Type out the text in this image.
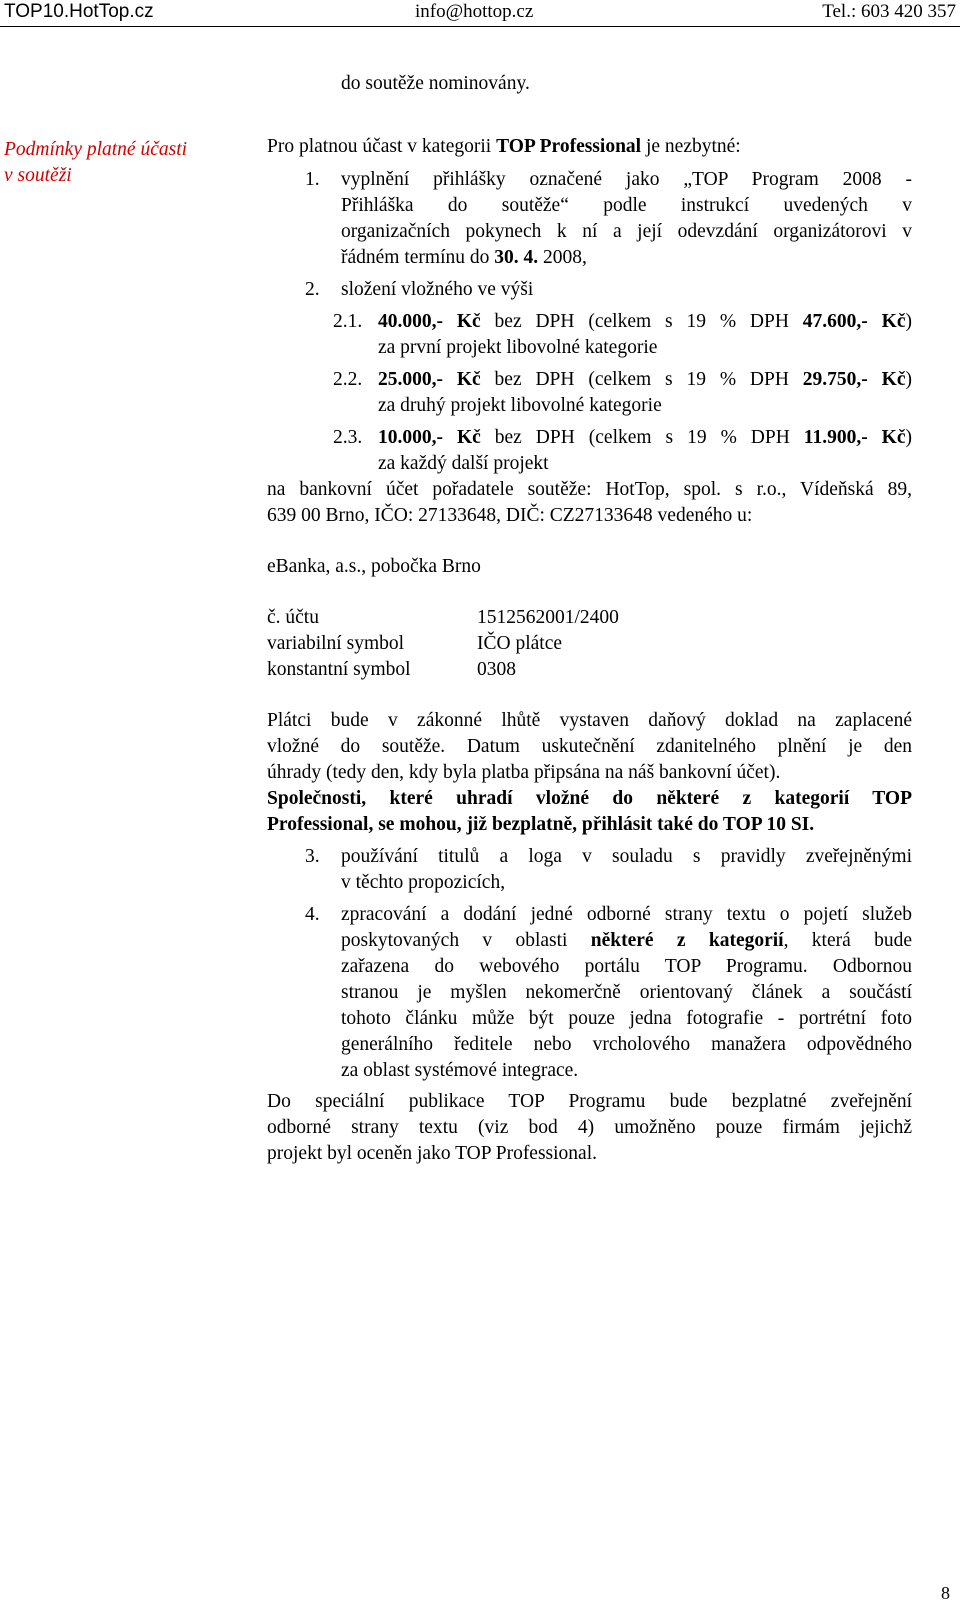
TOP10.HotTop.cz	info@hottop.cz	Tel.: 603 420 357
do soutěže nominovány.
Podmínky platné účasti
v soutěži
Pro platnou účast v kategorii TOP Professional je nezbytné:
1. vyplnění přihlášky označené jako „TOP Program 2008 -
Přihláška do soutěže“ podle instrukcí uvedených v
organizačních pokynech k ní a její odevzdání organizátorovi v
řádném termínu do 30. 4. 2008,
2. složení vložného ve výši
2.1. 40.000,- Kč bez DPH (celkem s 19 % DPH 47.600,- Kč)
za první projekt libovolné kategorie
2.2. 25.000,- Kč bez DPH (celkem s 19 % DPH 29.750,- Kč)
za druhý projekt libovolné kategorie
2.3. 10.000,- Kč bez DPH (celkem s 19 % DPH 11.900,- Kč)
za každý další projekt
na bankovní účet pořadatele soutěže: HotTop, spol. s r.o., Vídeňská 89,
639 00 Brno, IČO: 27133648, DIČ: CZ27133648 vedeného u:
eBanka, a.s., pobočka Brno
č. účtu	1512562001/2400
variabilní symbol	IČO plátce
konstantní symbol	0308
Plátci bude v zákonné lhůtě vystaven daňový doklad na zaplacené
vložné do soutěže. Datum uskutečnění zdanitelného plnění je den
úhrady (tedy den, kdy byla platba připsána na náš bankovní účet).
Společnosti, které uhradí vložné do některé z kategorií TOP
Professional, se mohou, již bezplatně, přihlásit také do TOP 10 SI.
3. používání titulů a loga v souladu s pravidly zveřejněnými
v těchto propozicích,
4. zpracování a dodání jedné odborné strany textu o pojetí služeb
poskytovaných v oblasti některé z kategorií, která bude
zařazena do webového portálu TOP Programu. Odbornou
stranou je myšlen nekomerčně orientovaný článek a součástí
tohoto článku může být pouze jedna fotografie - portrétní foto
generálního ředitele nebo vrcholového manažera odpovědného
za oblast systémové integrace.
Do speciální publikace TOP Programu bude bezplatné zveřejnění
odborné strany textu (viz bod 4) umožněno pouze firmám jejichž
projekt byl oceněn jako TOP Professional.
8
